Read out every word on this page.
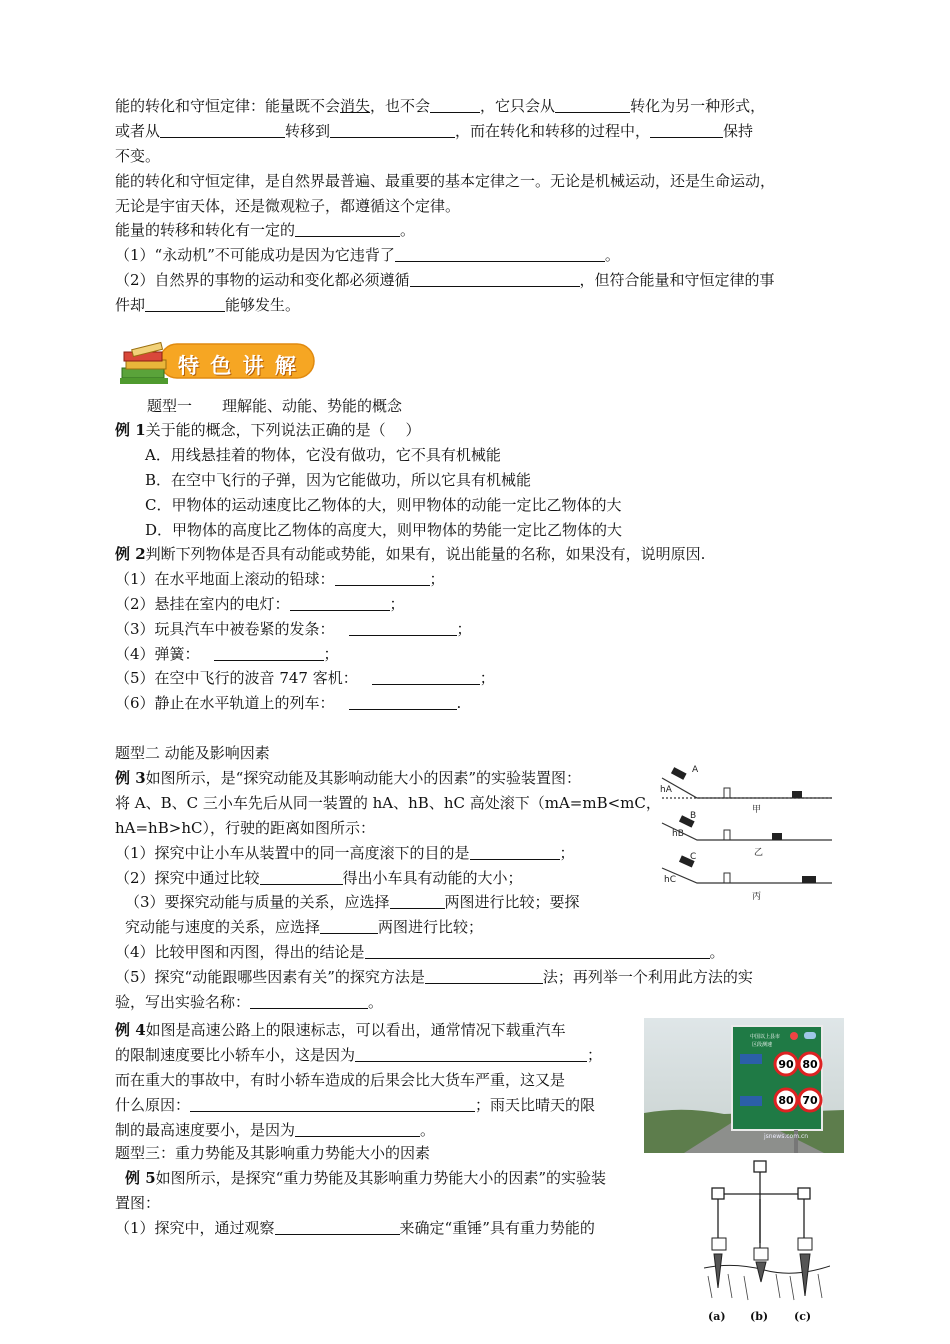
能的转化和守恒定律：能量既不会消失，也不会	，它只会从	转化为另一种形式，
或者从	转移到	，而在转化和转移的过程中，	保持
不变。
能的转化和守恒定律，是自然界最普遍、最重要的基本定律之一。无论是机械运动，还是生命运动，
无论是宇宙天体，还是微观粒子，都遵循这个定律。
能量的转移和转化有一定的	。
（1）“永动机”不可能成功是因为它违背了	。
（2）自然界的事物的运动和变化都必须遵循	，但符合能量和守恒定律的事
件却	能够发生。
特 色 讲 解
题型一　　理解能、动能、势能的概念
例 1关于能的概念，下列说法正确的是（　 ）
A．用线悬挂着的物体，它没有做功，它不具有机械能
B．在空中飞行的子弹，因为它能做功，所以它具有机械能
C．甲物体的运动速度比乙物体的大，则甲物体的动能一定比乙物体的大
D．甲物体的高度比乙物体的高度大，则甲物体的势能一定比乙物体的大
例 2判断下列物体是否具有动能或势能，如果有，说出能量的名称，如果没有，说明原因.
（1）在水平地面上滚动的铅球：	；
（2）悬挂在室内的电灯：	；
（3）玩具汽车中被卷紧的发条：	；
（4）弹簧：	；
（5）在空中飞行的波音 747 客机：	；
（6）静止在水平轨道上的列车：	.
题型二 动能及影响因素
例 3如图所示，是“探究动能及其影响动能大小的因素”的实验装置图：
将 A、B、C 三小车先后从同一装置的 hA、hB、hC 高处滚下（mA=mB<mC，
hA=hB>hC），行驶的距离如图所示：
（1）探究中让小车从装置中的同一高度滚下的目的是	；
（2）探究中通过比较	得出小车具有动能的大小；
（3）要探究动能与质量的关系，应选择	两图进行比较；要探
究动能与速度的关系，应选择	两图进行比较；
（4）比较甲图和丙图，得出的结论是	。
（5）探究“动能跟哪些因素有关”的探究方法是	法；再列举一个利用此方法的实
验，写出实验名称：	。
A
B
C
hA
hB
hC
甲
乙
丙
例 4如图是高速公路上的限速标志，可以看出，通常情况下载重汽车
的限制速度要比小轿车小，这是因为	；
而在重大的事故中，有时小轿车造成的后果会比大货车严重，这又是
什么原因：	；雨天比晴天的限
制的最高速度要小，是因为	。
中国以上县市
区段测速
90 80
80 70
jsnews.com.cn
题型三：重力势能及其影响重力势能大小的因素
例 5如图所示，是探究“重力势能及其影响重力势能大小的因素”的实验装
置图：
（1）探究中，通过观察	来确定“重锤”具有重力势能的
(a) (b) (c)
